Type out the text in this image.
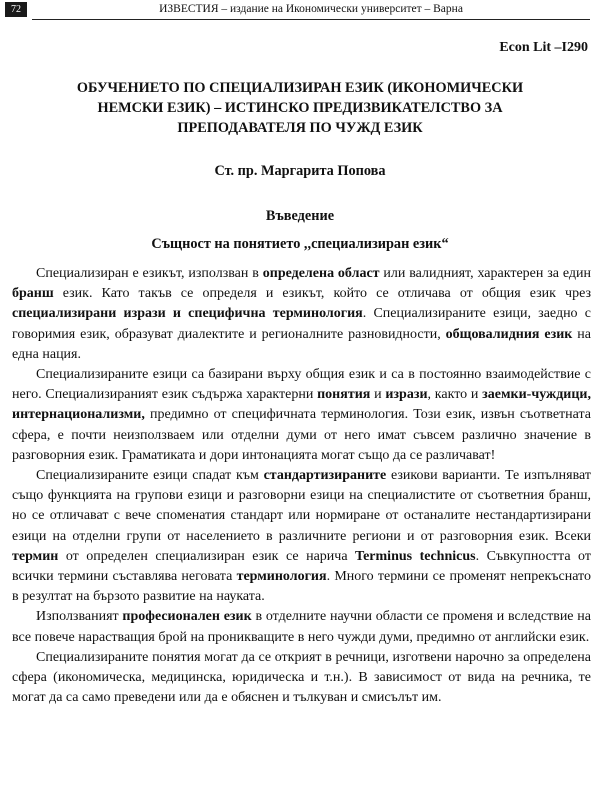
72	ИЗВЕСТИЯ – издание на Икономически университет – Варна
Econ Lit –I290
ОБУЧЕНИЕТО ПО СПЕЦИАЛИЗИРАН ЕЗИК (ИКОНОМИЧЕСКИ
НЕМСКИ ЕЗИК) – ИСТИНСКО ПРЕДИЗВИКАТЕЛСТВО ЗА
ПРЕПОДАВАТЕЛЯ ПО ЧУЖД ЕЗИК
Ст. пр. Маргарита Попова
Въведение
Същност на понятието ,,специализиран език“

Специализиран е езикът, използван в определена област или валидният, характерен за един бранш език. Като такъв се определя и езикът, който се отличава от общия език чрез специализирани изрази и специфична терминология. Специализираните езици, заедно с говоримия език, образуват диалектите и регионалните разновидности, общовалидния език на една нация.

Специализираните езици са базирани върху общия език и са в постоянно взаимодействие с него. Специализираният език съдържа характерни понятия и изрази, както и заемки-чуждици, интернационализми, предимно от специфичната терминология. Този език, извън съответната сфера, е почти неизползваем или отделни думи от него имат съвсем различно значение в разговорния език. Граматиката и дори интонацията могат също да се различават!

Специализираните езици спадат към стандартизираните езикови варианти. Те изпълняват също функцията на групови езици и разговорни езици на специалистите от съответния бранш, но се отличават с вече споменатия стандарт или нормиране от останалите нестандартизирани езици на отделни групи от населението в различните региони и от разговорния език. Всеки термин от определен специализиран език се нарича Terminus technicus. Съвкупността от всички термини съставлява неговата терминология. Много термини се променят непрекъснато в резултат на бързото развитие на науката.

Използваният професионален език в отделните научни области се променя и вследствие на все повече нарастващия брой на проникващите в него чужди думи, предимно от английски език.

Специализираните понятия могат да се открият в речници, изготвени нарочно за определена сфера (икономическа, медицинска, юридическа и т.н.). В зависимост от вида на речника, те могат да са само преведени или да е обяснен и тълкуван и смисълът им.
